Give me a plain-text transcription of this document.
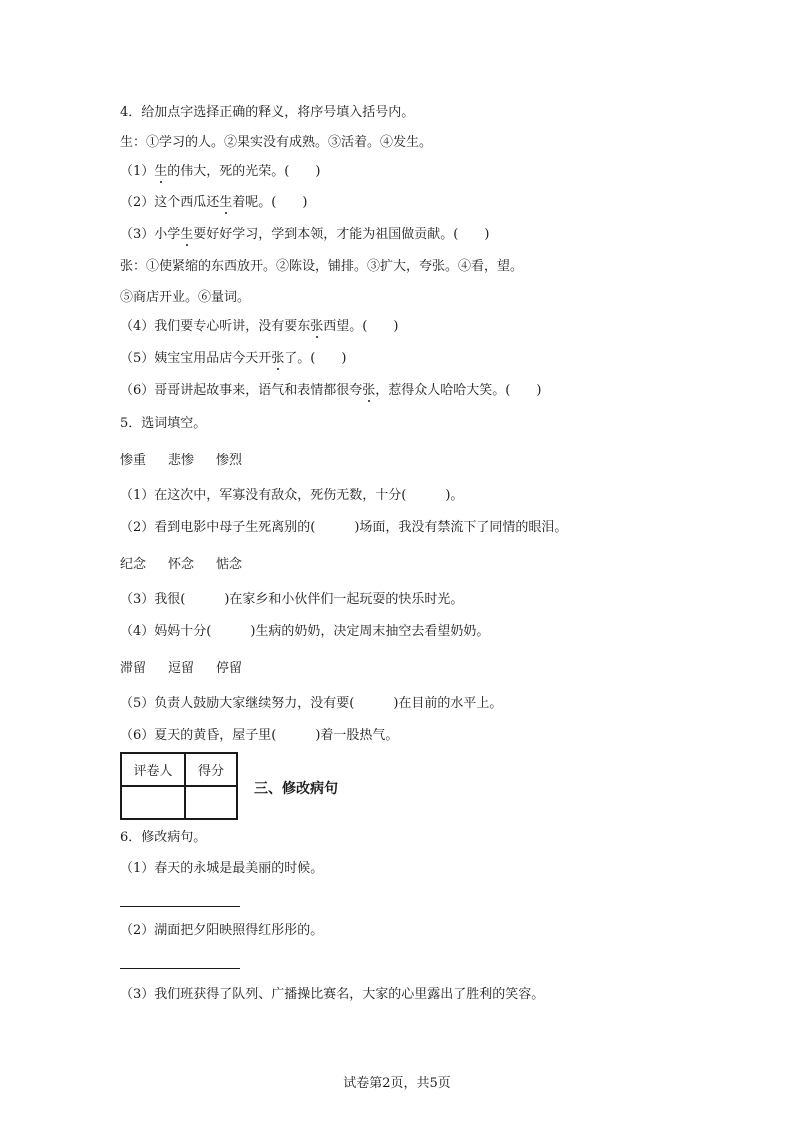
4．给加点字选择正确的释义，将序号填入括号内。
生：①学习的人。②果实没有成熟。③活着。④发生。
（1）生的伟大，死的光荣。(　　)
（2）这个西瓜还生着呢。(　　)
（3）小学生要好好学习，学到本领，才能为祖国做贡献。(　　)
张：①使紧缩的东西放开。②陈设，铺排。③扩大，夸张。④看，望。
⑤商店开业。⑥量词。
（4）我们要专心听讲，没有要东张西望。(　　)
（5）姨宝宝用品店今天开张了。(　　)
（6）哥哥讲起故事来，语气和表情都很夸张，惹得众人哈哈大笑。(　　)
5．选词填空。
惨重 悲惨 惨烈
（1）在这次中，军寡没有敌众，死伤无数，十分(　　　)。
（2）看到电影中母子生死离别的(　　　)场面，我没有禁流下了同情的眼泪。
纪念 怀念 惦念
（3）我很(　　　)在家乡和小伙伴们一起玩耍的快乐时光。
（4）妈妈十分(　　　)生病的奶奶，决定周末抽空去看望奶奶。
滞留 逗留 停留
（5）负责人鼓励大家继续努力，没有要(　　　)在目前的水平上。
（6）夏天的黄昏，屋子里(　　　)着一股热气。
评卷人	得分

三、修改病句
6．修改病句。
（1）春天的永城是最美丽的时候。
（2）湖面把夕阳映照得红彤彤的。
（3）我们班获得了队列、广播操比赛名，大家的心里露出了胜利的笑容。
试卷第2页，共5页
